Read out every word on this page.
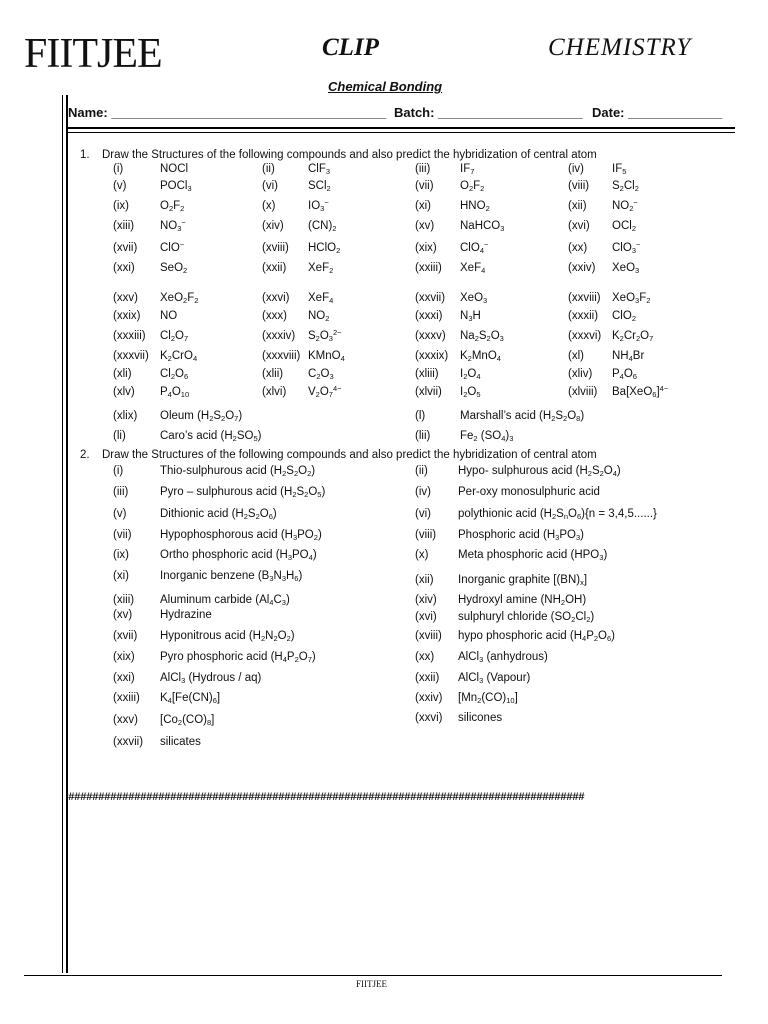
FIITJEE	CLIP	CHEMISTRY
Chemical Bonding
Name: ______________________________________ Batch: ____________________ Date: _____________
1. Draw the Structures of the following compounds and also predict the hybridization of central atom
(i)	NOCl	(ii)	ClF$_3$	(iii)	$IF_7$	(iv) $IF_5$
(v)	POCl$_3$	(vi)	SCl$_2$	(vii) $O_2F_2$	(viii) $S_2Cl_2$
(ix)	$O_2F_2$	(x)	$IO_3^-$	(xi)	$HNO_2$	(xii) $NO_2^-$
(xiii) $NO_3^-$	(xiv) $(CN)_2$	(xv) NaHCO$_3$	(xvi) OCl$_2$
(xvii) ClO−	(xviii) HClO$_2$	(xix) ClO$_4$−	(xx) ClO$_3$−
(xxi) SeO$_2$	(xxii) XeF$_2$	(xxiii) XeF$_4$	(xxiv) XeO$_3$
(xxv) $XeO_2F_2$	(xxvi) XeF$_4$	(xxvii) XeO$_3$	(xxviii) $XeO_3F_2$
(xxix) NO	(xxx) $NO_2$	(xxxi) $N_3H$	(xxxii) ClO$_2$
(xxxiii) $Cl_2O_7$	(xxxiv) $S_2O_3^{2-}$	(xxxv) $Na_2S_2O_3$	(xxxvi) $K_2Cr_2O_7$
(xxxvii) $K_2CrO_4$	(xxxviii) KMnO$_4$	(xxxix) $K_2MnO_4$	(xl) $NH_4Br$
(xli) $Cl_2O_6$	(xlii) $C_2O_3$	(xliii) $I_2O_4$	(xliv) $P_4O_6$
(xlv) $P_4O_{10}$	(xlvi) $V_2O_7^{4-}$	(xlvii) $I_2O_5$	(xlviii) $Ba[XeO_6]^{4-}$
(xlix) Oleum $(H_2S_2O_7)$	(l)	Marshall’s acid $(H_2S_2O_8)$
(li)	Caro’s acid $(H_2SO_5)$	(lii)	$Fe_2$ $(SO_4)_3$
2. Draw the Structures of the following compounds and also predict the hybridization of central atom
(i)	Thio-sulphurous acid $(H_2S_2O_2)$	(ii)	Hypo- sulphurous acid $(H_2S_2O_4)$
(iii)	Pyro – sulphurous acid $(H_2S_2O_5)$	(iv) Per-oxy monosulphuric acid
(v)	Dithionic acid $(H_2S_2O_6)$	(vi) polythionic acid $(H_2S_nO_6)\{n = 3,4,5......\}$
(vii) Hypophosphorous acid $(H_3PO_2)$	(viii) Phosphoric acid $(H_3PO_3)$
(ix)	Ortho phosphoric acid $(H_3PO_4)$	(x)	Meta phosphoric acid $(HPO_3)$
(xi)	Inorganic benzene $(B_3N_3H_6)$	(xii) Inorganic graphite $[(BN)_x]$
(xiii) Aluminum carbide $(Al_4C_3)$	(xiv) Hydroxyl amine $(NH_2OH)$
(xv) Hydrazine	(xvi) sulphuryl chloride $(SO_2Cl_2)$
(xvii) Hyponitrous acid $(H_2N_2O_2)$	(xviii) hypo phosphoric acid $(H_4P_2O_6)$
(xix) Pyro phosphoric acid $(H_4P_2O_7)$	(xx) AlCl$_3$ (anhydrous)
(xxi) AlCl$_3$ (Hydrous / aq)	(xxii) AlCl$_3$ (Vapour)
(xxiii) $K_4[Fe(CN)_6]$	(xxiv) $[Mn_2(CO)_{10}]$
(xxv) $[Co_2(CO)_8]$	(xxvi) silicones
(xxvii) silicates
######################################################################################
FIITJEE
